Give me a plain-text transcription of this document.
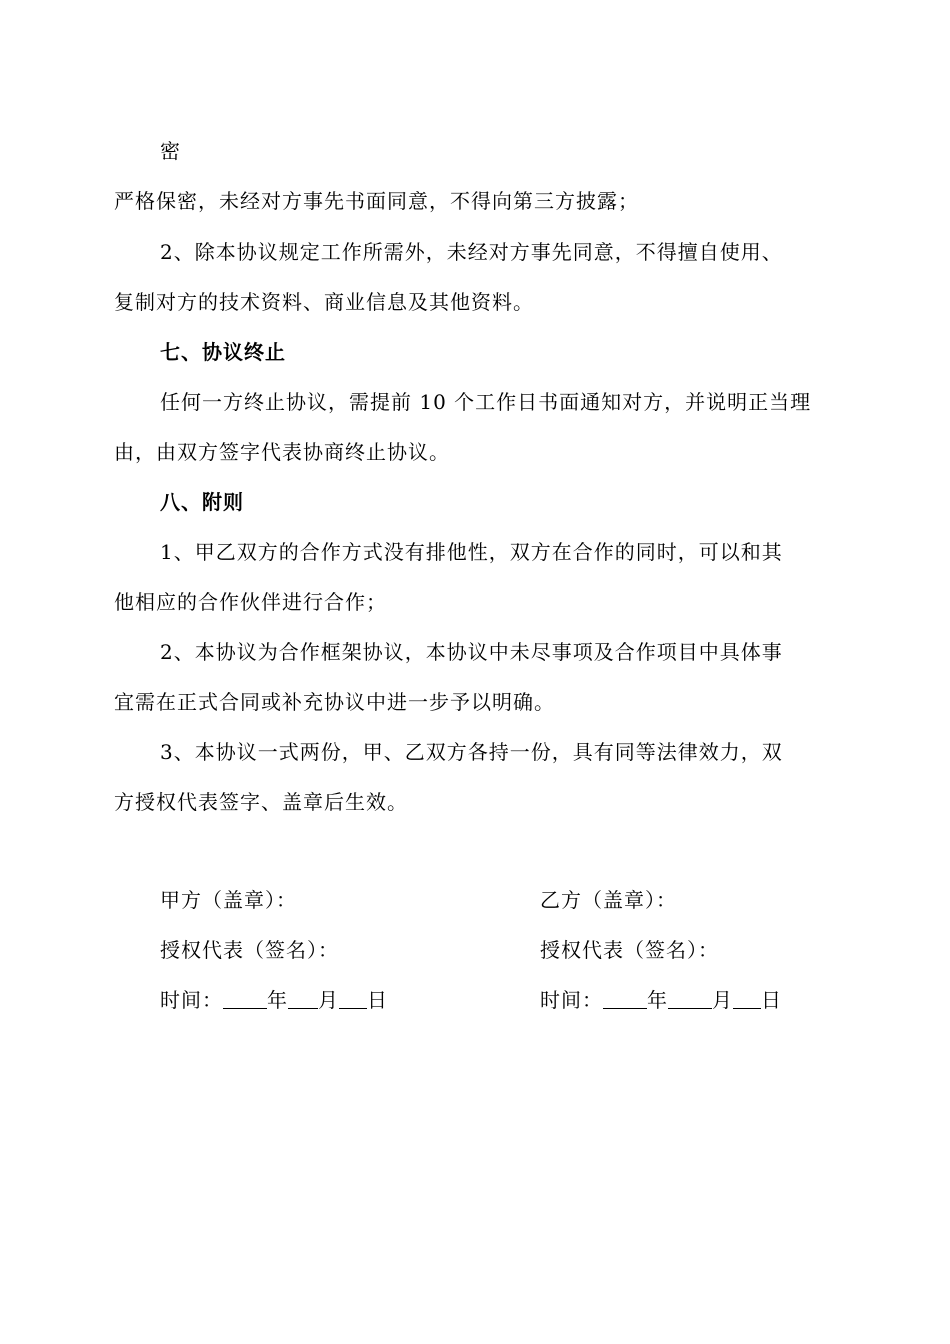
密
严格保密，未经对方事先书面同意，不得向第三方披露；
2、除本协议规定工作所需外，未经对方事先同意，不得擅自使用、
复制对方的技术资料、商业信息及其他资料。
七、协议终止
任何一方终止协议，需提前 10 个工作日书面通知对方，并说明正当理
由，由双方签字代表协商终止协议。
八、附则
1、甲乙双方的合作方式没有排他性，双方在合作的同时，可以和其
他相应的合作伙伴进行合作；
2、本协议为合作框架协议，本协议中未尽事项及合作项目中具体事
宜需在正式合同或补充协议中进一步予以明确。
3、本协议一式两份，甲、乙双方各持一份，具有同等法律效力，双
方授权代表签字、盖章后生效。
甲方（盖章）：
授权代表（签名）：
时间： 年 月 日
乙方（盖章）：
授权代表（签名）：
时间： 年 月 日
